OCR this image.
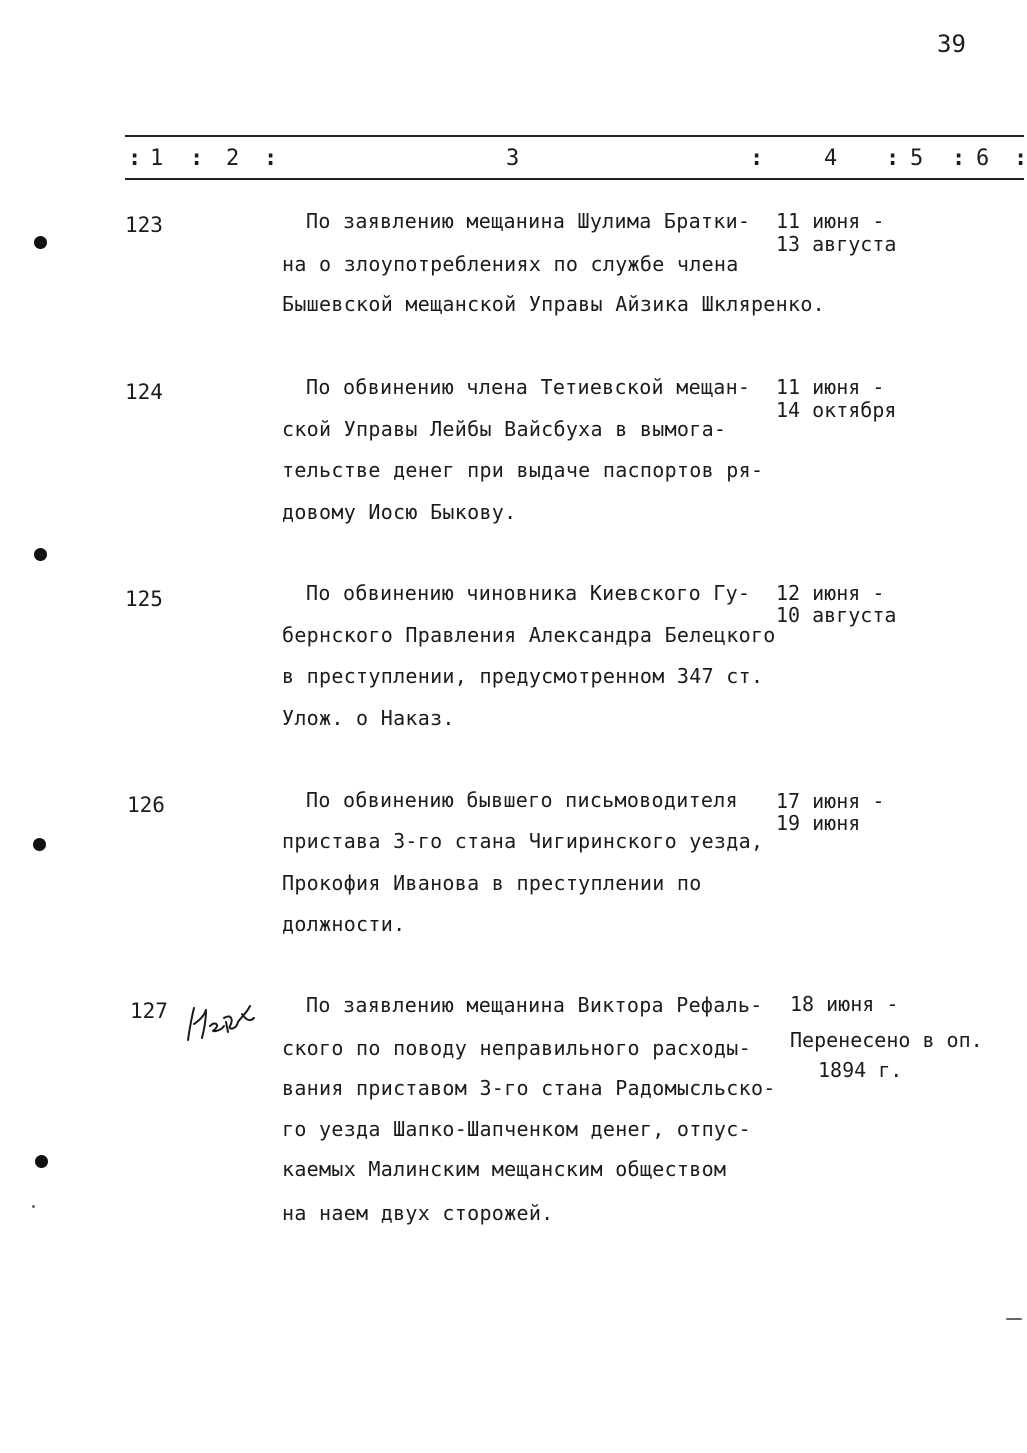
39
: 1 : 2 :	3	:	4 : 5 : 6 :
123	По заявлению мещанина Шулима Братки-
на о злоупотреблениях по службе члена
Бышевской мещанской Управы Айзика Шкляренко.
11 июня -
13 августа
124	По обвинению члена Тетиевской мещан-
ской Управы Лейбы Вайсбуха в вымога-
тельстве денег при выдаче паспортов ря-
довому Иосю Быкову.
11 июня -
14 октября
125	По обвинению чиновника Киевского Гу-
бернского Правления Александра Белецкого
в преступлении, предусмотренном 347 ст.
Улож. о Наказ.
12 июня -
10 августа
126	По обвинению бывшего письмоводителя
пристава 3-го стана Чигиринского уезда,
Прокофия Иванова в преступлении по
должности.
17 июня -
19 июня
127	По заявлению мещанина Виктора Рефаль-
ского по поводу неправильного расходы-
вания приставом 3-го стана Радомысльско-
го уезда Шапко-Шапченком денег, отпус-
каемых Малинским мещанским обществом
на наем двух сторожей.
18 июня -
Перенесено в оп.
1894 г.
